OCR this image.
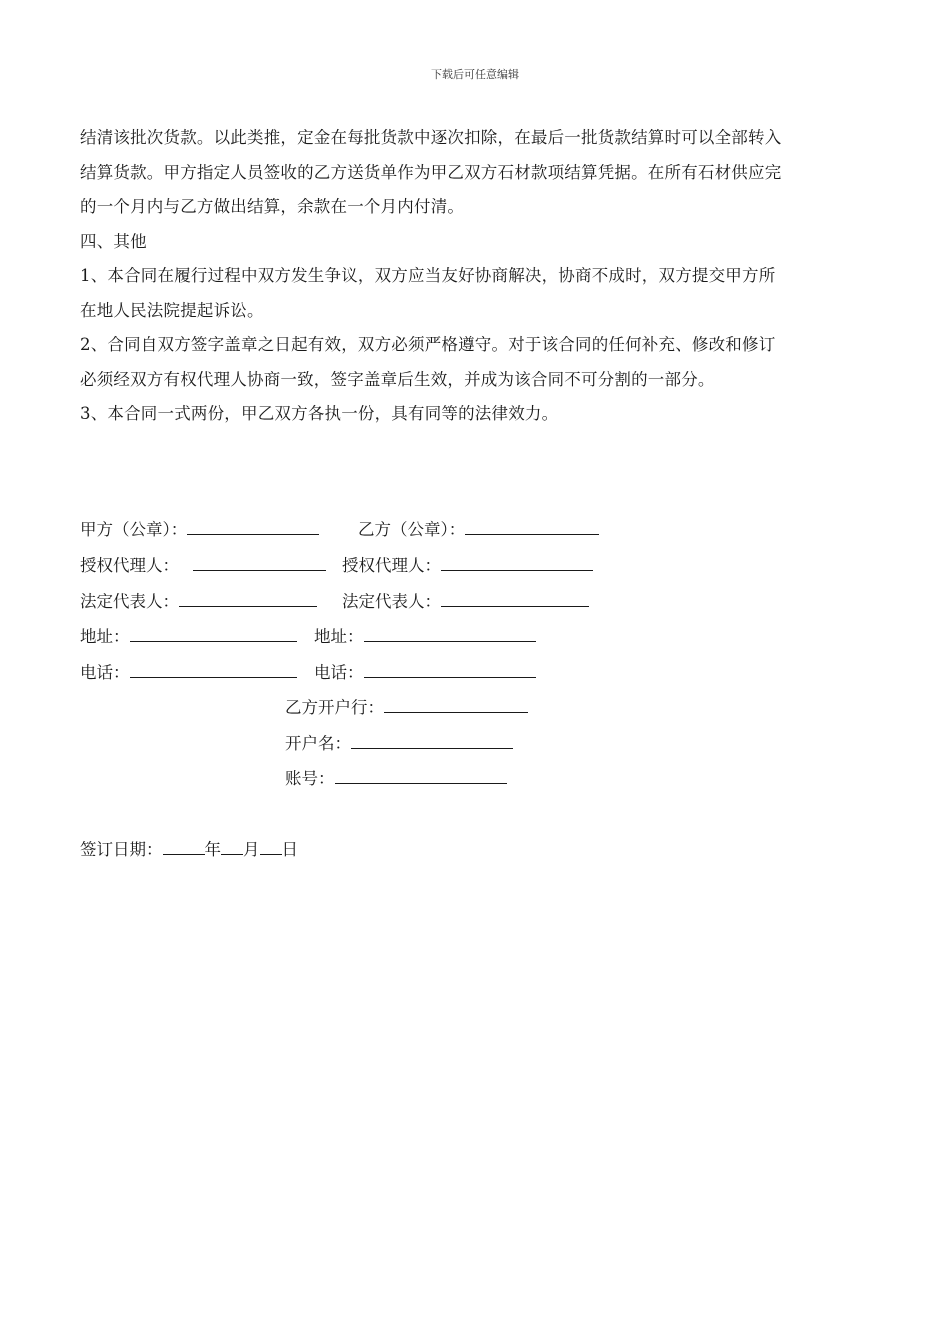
下载后可任意编辑

结清该批次货款。以此类推，定金在每批货款中逐次扣除，在最后一批货款结算时可以全部转入

结算货款。甲方指定人员签收的乙方送货单作为甲乙双方石材款项结算凭据。在所有石材供应完

的一个月内与乙方做出结算，余款在一个月内付清。

四、其他

1、本合同在履行过程中双方发生争议，双方应当友好协商解决，协商不成时，双方提交甲方所

在地人民法院提起诉讼。

2、合同自双方签字盖章之日起有效，双方必须严格遵守。对于该合同的任何补充、修改和修订

必须经双方有权代理人协商一致，签字盖章后生效，并成为该合同不可分割的一部分。

3、本合同一式两份，甲乙双方各执一份，具有同等的法律效力。

甲方（公章）：	乙方（公章）：
授权代理人：	授权代理人：
法定代表人：	法定代表人：
地址：	地址：
电话：	电话：
乙方开户行：
开户名：
账号：
签订日期：	年 月 日
